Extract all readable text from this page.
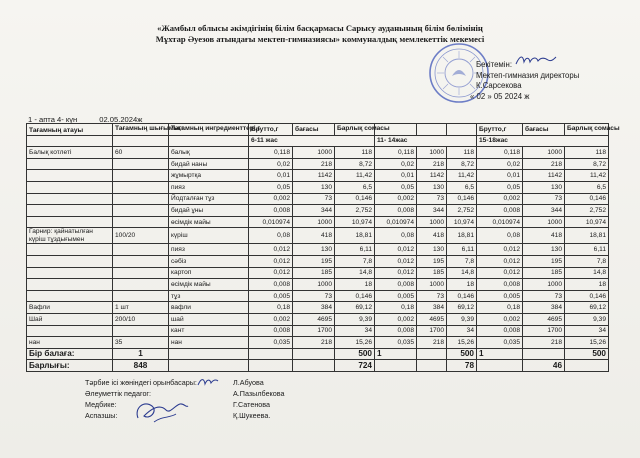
«Жамбыл облысы әкімдігінің білім басқармасы Сарысу ауданының білім бөлімінің
Мұхтар Әуезов атындағы мектеп-гимназиясы» коммуналдық мемлекеттік мекемесі
Бекітемін:
Мектеп-гимназия директоры
К.Сарсекова
« 02 » 05 2024 ж
1 - апта 4- күн	02.05.2024ж
Тағамның атауы	Тағамның шығымы,г	Тағамның ингредиенттері,г	Брутто,г	бағасы	Барлық сомасы				Брутто,г	бағасы	Барлық сомасы
			6-11 жас			11- 14жас			15-18жас		
Балық котлеті	60	балық	0,118	1000	118	0,118	1000	118	0,118	1000	118
		бидай наны	0,02	218	8,72	0,02	218	8,72	0,02	218	8,72
		жұмыртқа	0,01	1142	11,42	0,01	1142	11,42	0,01	1142	11,42
		пияз	0,05	130	6,5	0,05	130	6,5	0,05	130	6,5
		Йодталған тұз	0,002	73	0,146	0,002	73	0,146	0,002	73	0,146
		бидай ұны	0,008	344	2,752	0,008	344	2,752	0,008	344	2,752
		өсімдік майы	0,010974	1000	10,974	0,010974	1000	10,974	0,010974	1000	10,974
Гарнир: қайнатылған күріш тұздығымен	100/20	күріш	0,08	418	18,81	0,08	418	18,81	0,08	418	18,81
		пияз	0,012	130	6,11	0,012	130	6,11	0,012	130	6,11
		сәбіз	0,012	195	7,8	0,012	195	7,8	0,012	195	7,8
		картоп	0,012	185	14,8	0,012	185	14,8	0,012	185	14,8
		өсімдік майы	0,008	1000	18	0,008	1000	18	0,008	1000	18
		тұз	0,005	73	0,146	0,005	73	0,146	0,005	73	0,146
Вафли	1 шт	вафли	0,18	384	69,12	0,18	384	69,12	0,18	384	69,12
Шай	200/10	шай	0,002	4695	9,39	0,002	4695	9,39	0,002	4695	9,39
		кант	0,008	1700	34	0,008	1700	34	0,008	1700	34
нан	35	нан	0,035	218	15,26	0,035	218	15,26	0,035	218	15,26
Бір балаға:	1				500	1		500	1		500
Барлығы:	848				724			78		46	
Тәрбие ісі жөніндегі орынбасары:	Л.Абуова
Әлеуметтік педагог:	А.Пазылбекова
Медбике:	Г.Сатенова
Аспазшы:	Қ.Шукеева.
